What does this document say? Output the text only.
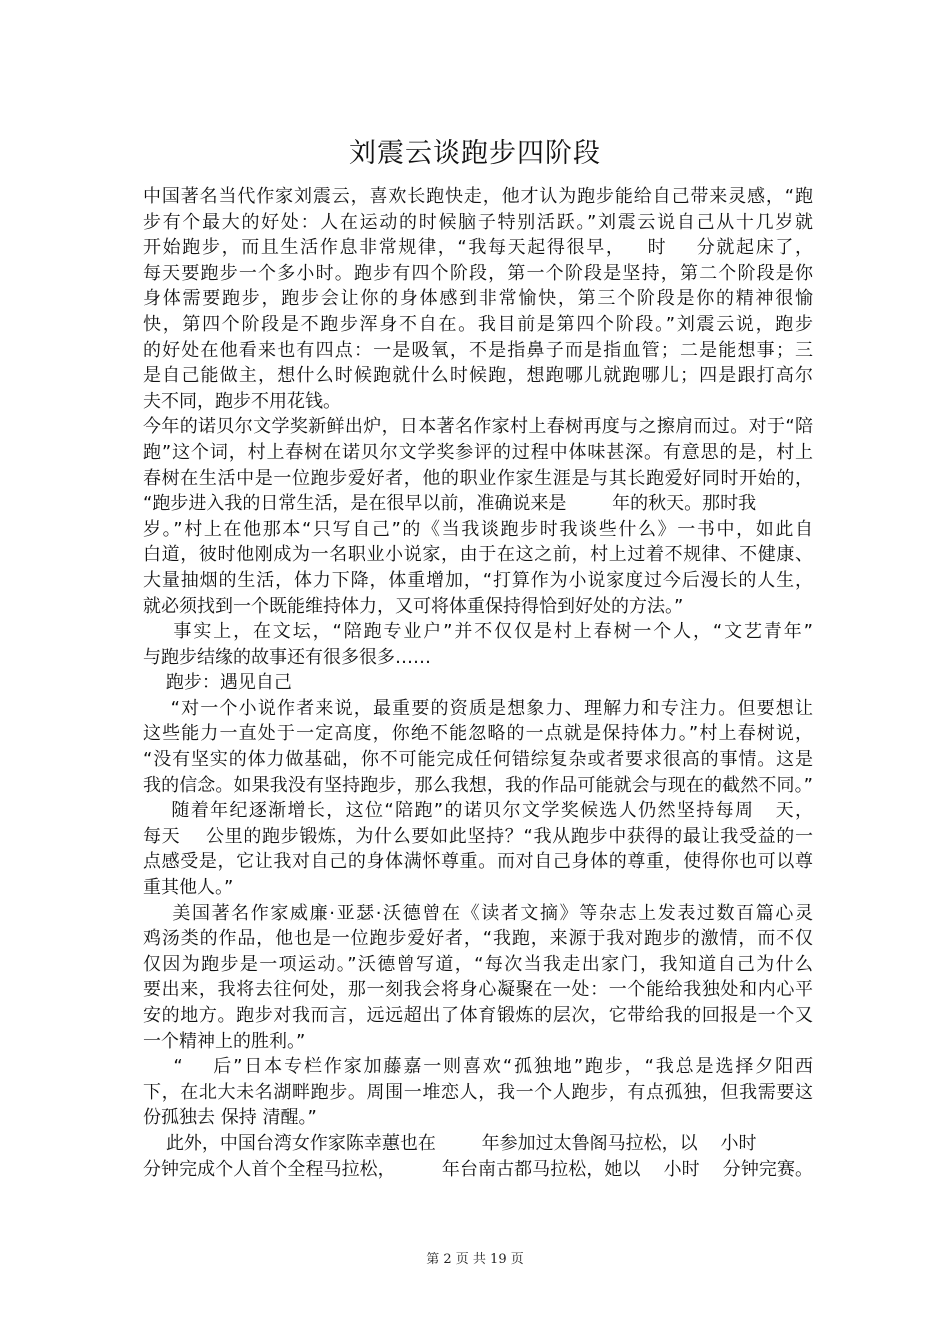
刘震云谈跑步四阶段
中国著名当代作家刘震云，喜欢长跑快走，他才认为跑步能给自己带来灵感，“跑
步有个最大的好处：人在运动的时候脑子特别活跃。”刘震云说自己从十几岁就
开始跑步，而且生活作息非常规律，“我每天起得很早，   时    分就起床了，
每天要跑步一个多小时。跑步有四个阶段，第一个阶段是坚持，第二个阶段是你
身体需要跑步，跑步会让你的身体感到非常愉快，第三个阶段是你的精神很愉
快，第四个阶段是不跑步浑身不自在。我目前是第四个阶段。”刘震云说，跑步
的好处在他看来也有四点：一是吸氧，不是指鼻子而是指血管；二是能想事；三
是自己能做主，想什么时候跑就什么时候跑，想跑哪儿就跑哪儿；四是跟打高尔
夫不同，跑步不用花钱。
今年的诺贝尔文学奖新鲜出炉，日本著名作家村上春树再度与之擦肩而过。对于“陪
跑”这个词，村上春树在诺贝尔文学奖参评的过程中体味甚深。有意思的是，村上
春树在生活中是一位跑步爱好者，他的职业作家生涯是与其长跑爱好同时开始的，
“跑步进入我的日常生活，是在很早以前，准确说来是        年的秋天。那时我
岁。”村上在他那本“只写自己”的《当我谈跑步时我谈些什么》一书中，如此自
白道，彼时他刚成为一名职业小说家，由于在这之前，村上过着不规律、不健康、
大量抽烟的生活，体力下降，体重增加，“打算作为小说家度过今后漫长的人生，
就必须找到一个既能维持体力，又可将体重保持得恰到好处的方法。”
事实上，在文坛，“陪跑专业户”并不仅仅是村上春树一个人，“文艺青年”
与跑步结缘的故事还有很多很多……
跑步：遇见自己
“对一个小说作者来说，最重要的资质是想象力、理解力和专注力。但要想让
这些能力一直处于一定高度，你绝不能忽略的一点就是保持体力。”村上春树说，
“没有坚实的体力做基础，你不可能完成任何错综复杂或者要求很高的事情。这是
我的信念。如果我没有坚持跑步，那么我想，我的作品可能就会与现在的截然不同。”
随着年纪逐渐增长，这位“陪跑”的诺贝尔文学奖候选人仍然坚持每周   天，
每天    公里的跑步锻炼，为什么要如此坚持？“我从跑步中获得的最让我受益的一
点感受是，它让我对自己的身体满怀尊重。而对自己身体的尊重，使得你也可以尊
重其他人。”
美国著名作家威廉·亚瑟·沃德曾在《读者文摘》等杂志上发表过数百篇心灵
鸡汤类的作品，他也是一位跑步爱好者，“我跑，来源于我对跑步的激情，而不仅
仅因为跑步是一项运动。”沃德曾写道，“每次当我走出家门，我知道自己为什么
要出来，我将去往何处，那一刻我会将身心凝聚在一处：一个能给我独处和内心平
安的地方。跑步对我而言，远远超出了体育锻炼的层次，它带给我的回报是一个又
一个精神上的胜利。”
“    后”日本专栏作家加藤嘉一则喜欢“孤独地”跑步，“我总是选择夕阳西
下，在北大未名湖畔跑步。周围一堆恋人，我一个人跑步，有点孤独，但我需要这
份孤独去 保持 清醒。”
此外，中国台湾女作家陈幸蕙也在        年参加过太鲁阁马拉松，以    小时
分钟完成个人首个全程马拉松，        年台南古都马拉松，她以    小时    分钟完赛。
第 2 页 共 19 页
